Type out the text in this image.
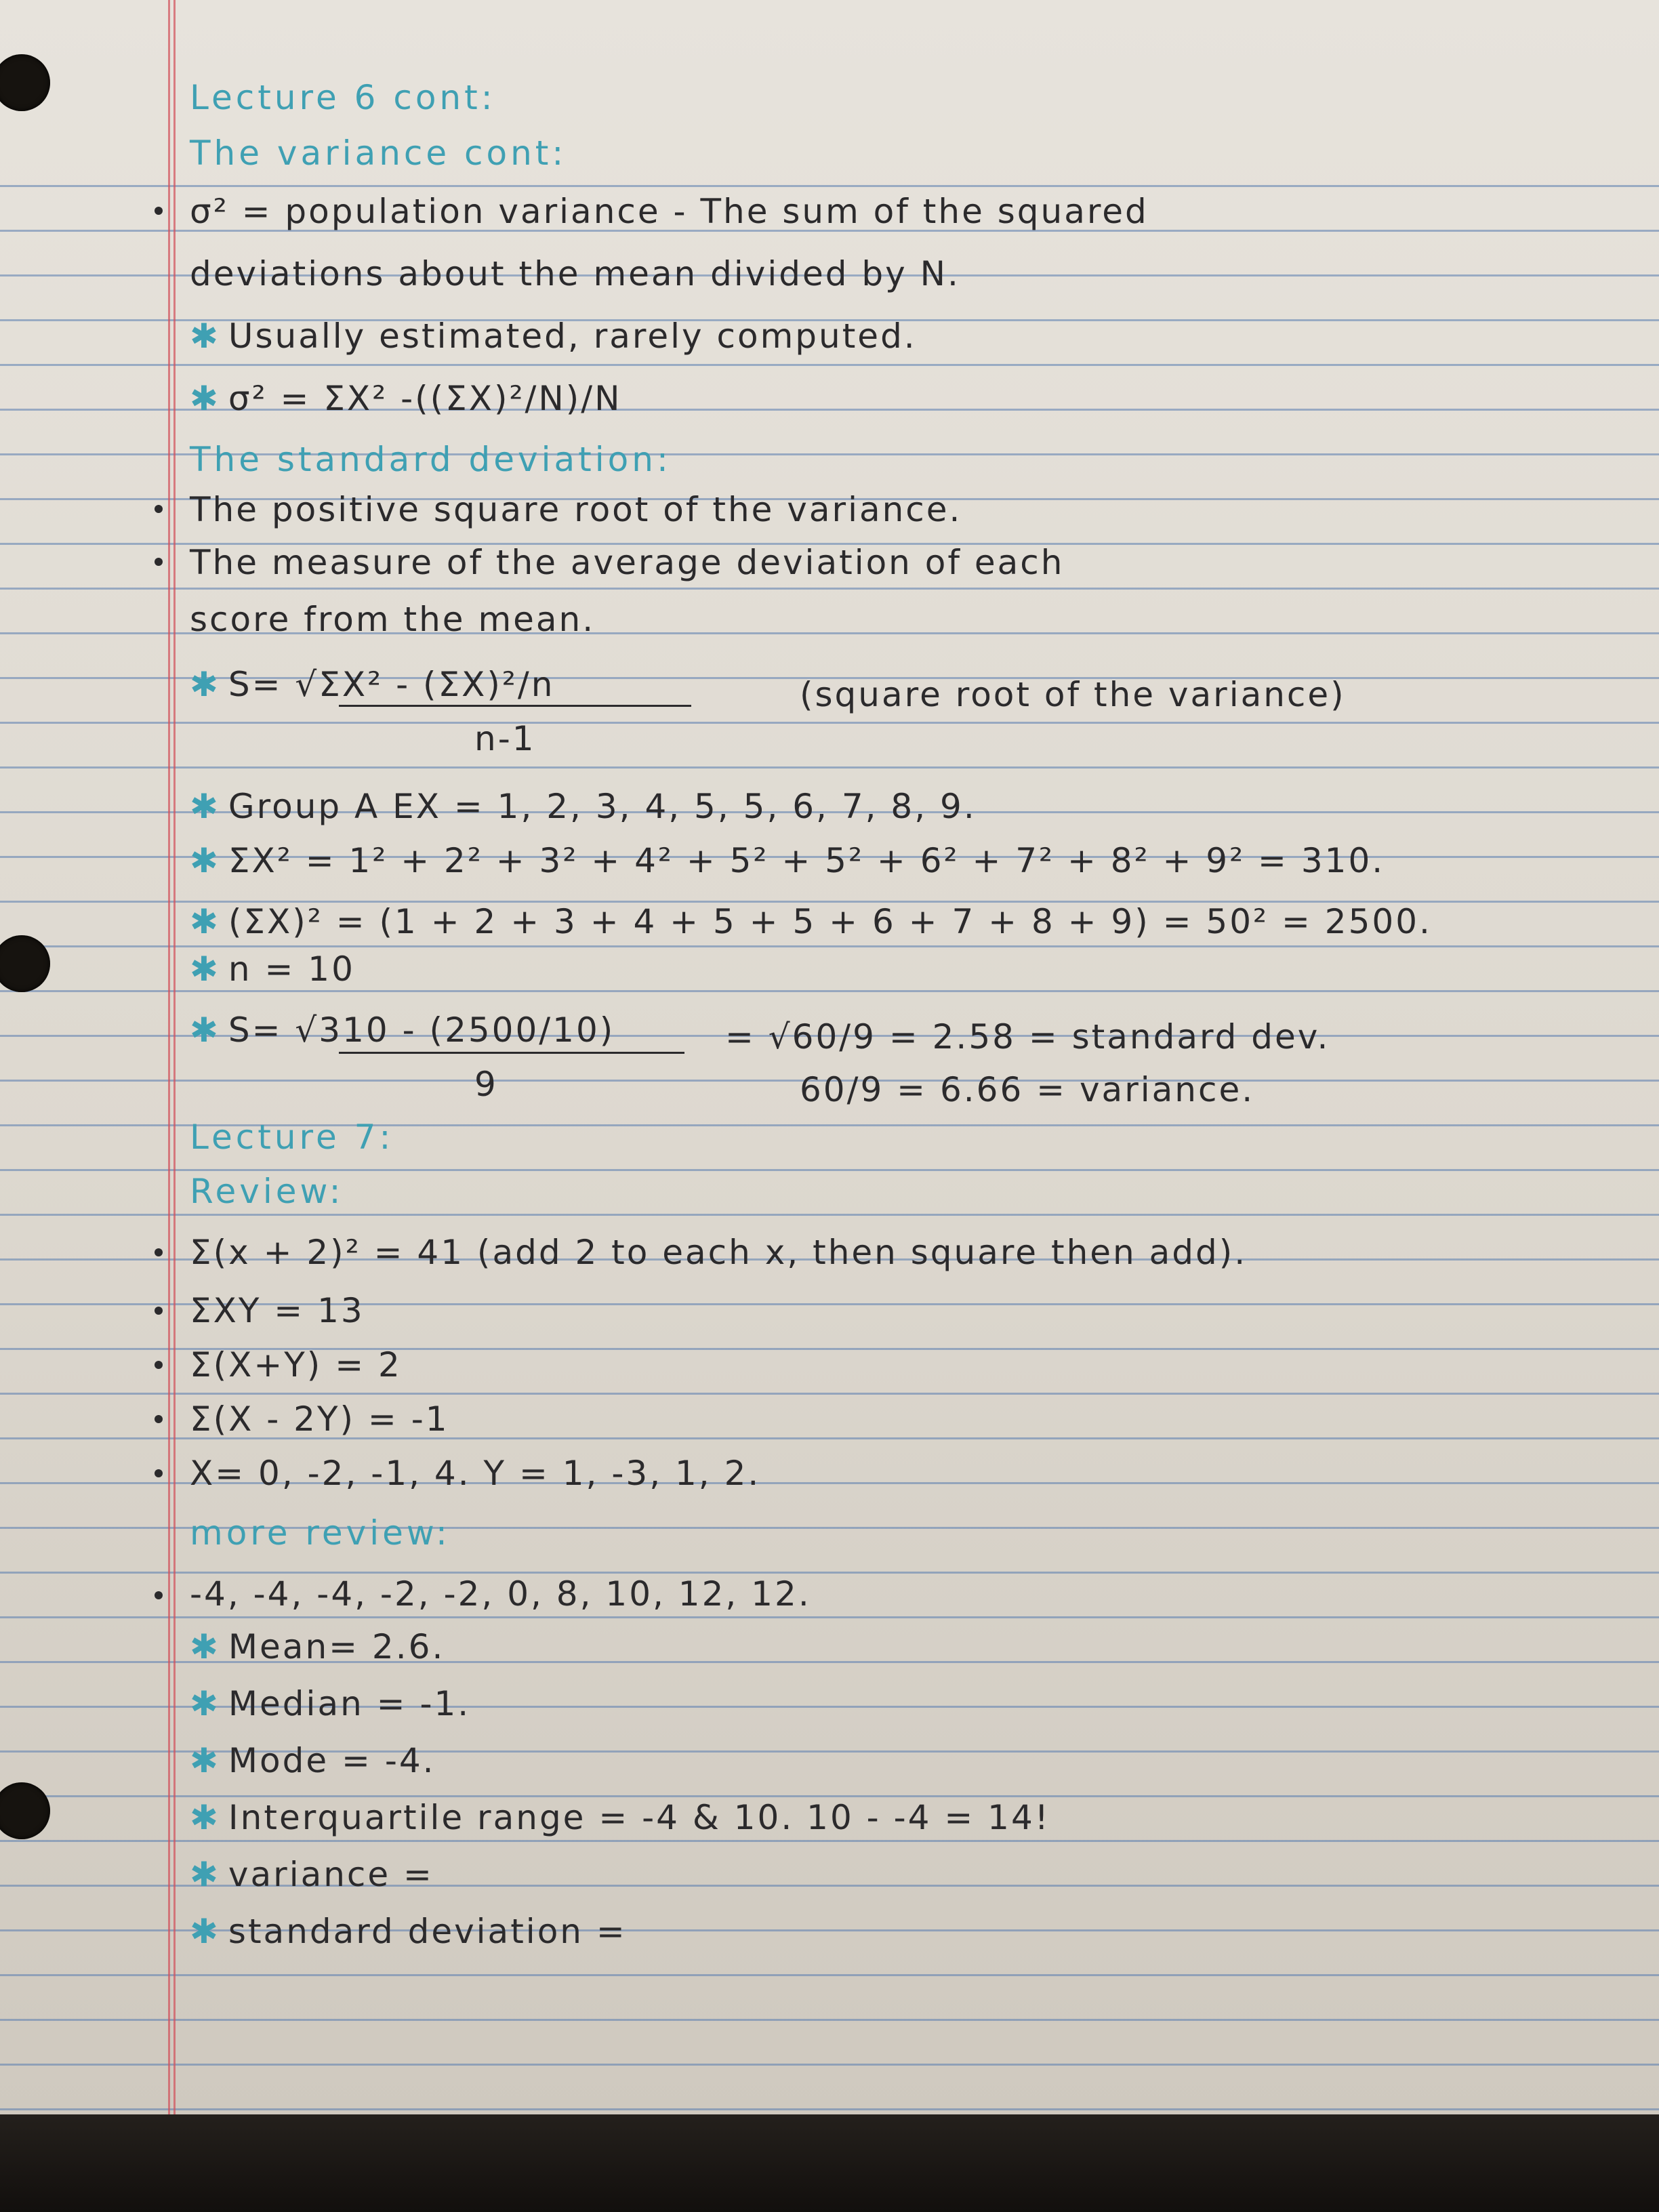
Lecture 6 cont:
The variance cont:
σ² = population variance - The sum of the squared
deviations about the mean divided by N.
✱ Usually estimated, rarely computed.
✱ σ² = ΣX² -((ΣX)²/N)/N
The standard deviation:
The positive square root of the variance.
The measure of the average deviation of each
score from the mean.
✱ S= √ΣX² - (ΣX)²/n	(square root of the variance)
n-1
✱ Group A EX = 1, 2, 3, 4, 5, 5, 6, 7, 8, 9.
✱ ΣX² = 1² + 2² + 3² + 4² + 5² + 5² + 6² + 7² + 8² + 9² = 310.
✱ (ΣX)² = (1 + 2 + 3 + 4 + 5 + 5 + 6 + 7 + 8 + 9) = 50² = 2500.
✱ n = 10
✱ S= √310 - (2500/10)	= √60/9 = 2.58 = standard dev.
9	60/9 = 6.66 = variance.
Lecture 7:
Review:
Σ(x + 2)² = 41 (add 2 to each x, then square then add).
ΣXY = 13
Σ(X+Y) = 2
Σ(X - 2Y) = -1
X= 0, -2, -1, 4. Y = 1, -3, 1, 2.
more review:
-4, -4, -4, -2, -2, 0, 8, 10, 12, 12.
✱ Mean= 2.6.
✱ Median = -1.
✱ Mode = -4.
✱ Interquartile range = -4 & 10. 10 - -4 = 14!
✱ variance =
✱ standard deviation =
